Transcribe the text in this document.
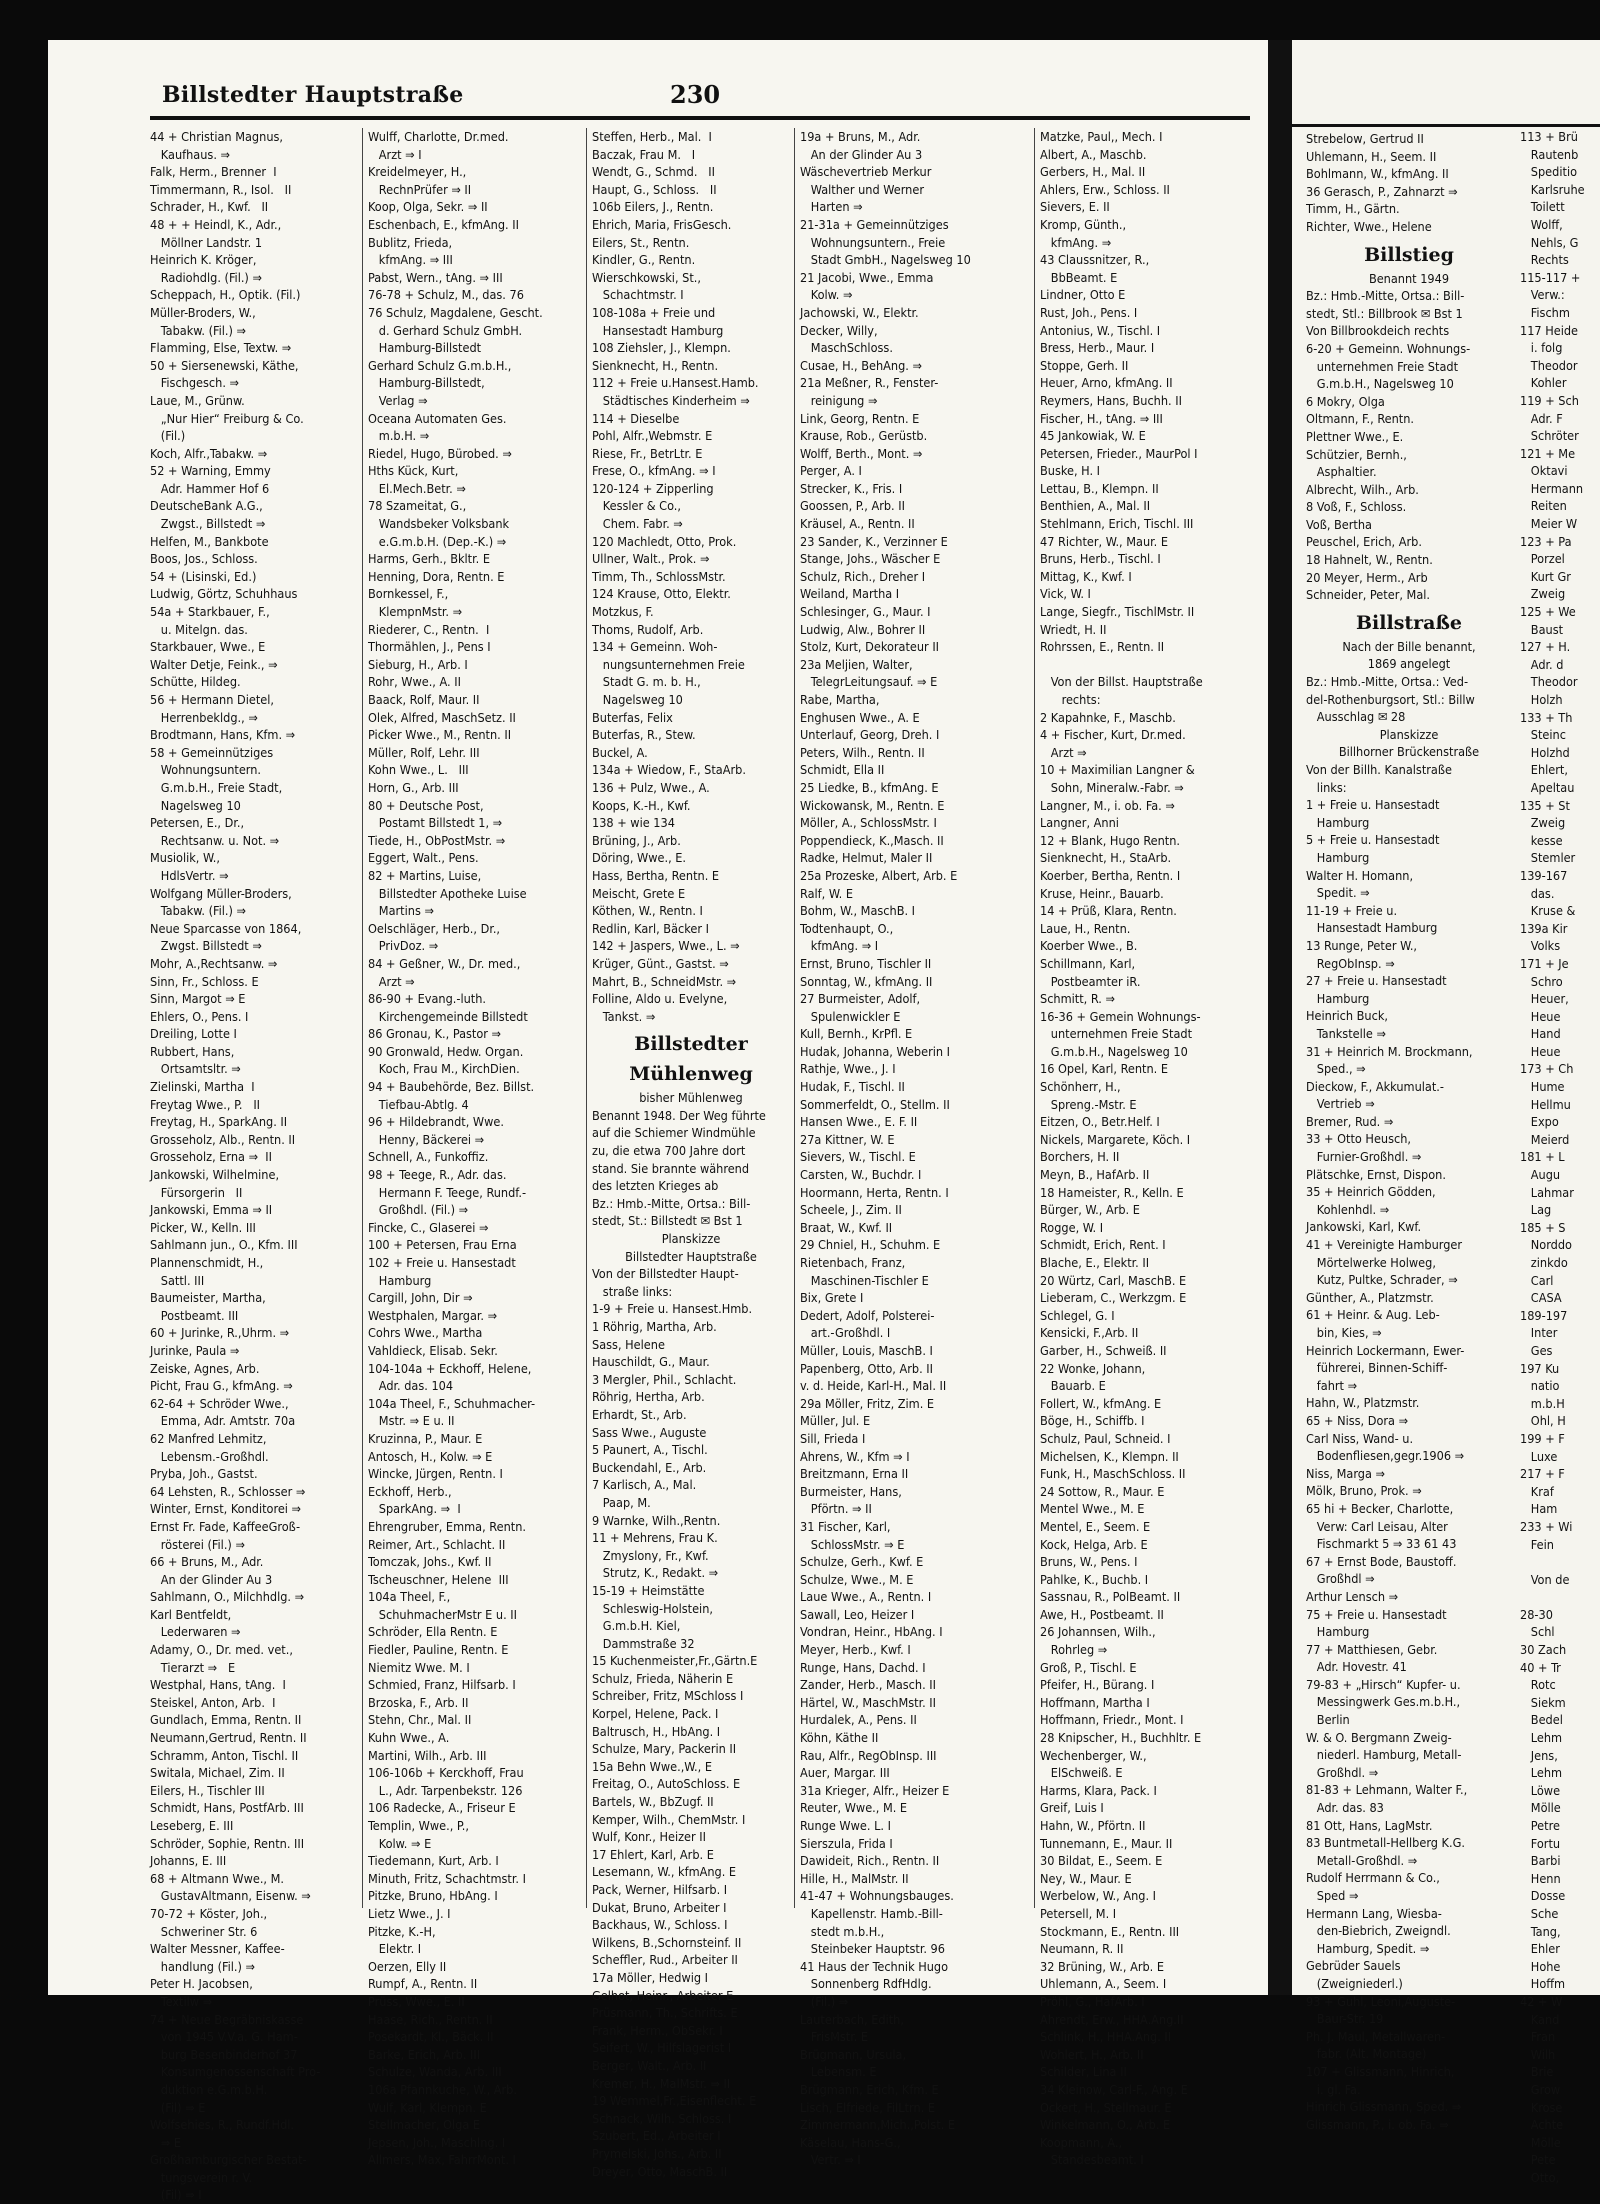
Billstedter Hauptstraße	230
44 + Christian Magnus,
Kaufhaus. ⇒
Falk, Herm., Brenner  I
Timmermann, R., Isol.   II
Schrader, H., Kwf.   II
48 + + Heindl, K., Adr.,
Möllner Landstr. 1
Heinrich K. Kröger,
Radiohdlg. (Fil.) ⇒
Scheppach, H., Optik. (Fil.)
Müller-Broders, W.,
Tabakw. (Fil.) ⇒
Flamming, Else, Textw. ⇒
50 + Siersenewski, Käthe,
Fischgesch. ⇒
Laue, M., Grünw.
„Nur Hier“ Freiburg & Co.
(Fil.)
Koch, Alfr.,Tabakw. ⇒
52 + Warning, Emmy
Adr. Hammer Hof 6
DeutscheBank A.G.,
Zwgst., Billstedt ⇒
Helfen, M., Bankbote
Boos, Jos., Schloss.
54 + (Lisinski, Ed.)
Ludwig, Görtz, Schuhhaus
54a + Starkbauer, F.,
u. Mitelgn. das.
Starkbauer, Wwe., E
Walter Detje, Feink., ⇒
Schütte, Hildeg.
56 + Hermann Dietel,
Herrenbekldg., ⇒
Brodtmann, Hans, Kfm. ⇒
58 + Gemeinnütziges
Wohnungsuntern.
G.m.b.H., Freie Stadt,
Nagelsweg 10
Petersen, E., Dr.,
Rechtsanw. u. Not. ⇒
Musiolik, W.,
HdlsVertr. ⇒
Wolfgang Müller-Broders,
Tabakw. (Fil.) ⇒
Neue Sparcasse von 1864,
Zwgst. Billstedt ⇒
Mohr, A.,Rechtsanw. ⇒
Sinn, Fr., Schloss. E
Sinn, Margot ⇒ E
Ehlers, O., Pens. I
Dreiling, Lotte I
Rubbert, Hans,
Ortsamtsltr. ⇒
Zielinski, Martha  I
Freytag Wwe., P.   II
Freytag, H., SparkAng. II
Grosseholz, Alb., Rentn. II
Grosseholz, Erna ⇒  II
Jankowski, Wilhelmine,
Fürsorgerin   II
Jankowski, Emma ⇒ II
Picker, W., Kelln. III
Sahlmann jun., O., Kfm. III
Plannenschmidt, H.,
Sattl. III
Baumeister, Martha,
Postbeamt. III
60 + Jurinke, R.,Uhrm. ⇒
Jurinke, Paula ⇒
Zeiske, Agnes, Arb.
Picht, Frau G., kfmAng. ⇒
62-64 + Schröder Wwe.,
Emma, Adr. Amtstr. 70a
62 Manfred Lehmitz,
Lebensm.-Großhdl.
Pryba, Joh., Gastst.
64 Lehsten, R., Schlosser ⇒
Winter, Ernst, Konditorei ⇒
Ernst Fr. Fade, KaffeeGroß-
rösterei (Fil.) ⇒
66 + Bruns, M., Adr.
An der Glinder Au 3
Sahlmann, O., Milchhdlg. ⇒
Karl Bentfeldt,
Lederwaren ⇒
Adamy, O., Dr. med. vet.,
Tierarzt ⇒   E
Westphal, Hans, tAng.  I
Steiskel, Anton, Arb.  I
Gundlach, Emma, Rentn. II
Neumann,Gertrud, Rentn. II
Schramm, Anton, Tischl. II
Switala, Michael, Zim. II
Eilers, H., Tischler III
Schmidt, Hans, PostfArb. III
Leseberg, E. III
Schröder, Sophie, Rentn. III
Johanns, E. III
68 + Altmann Wwe., M.
GustavAltmann, Eisenw. ⇒
70-72 + Köster, Joh.,
Schweriner Str. 6
Walter Messner, Kaffee-
handlung (Fil.) ⇒
Peter H. Jacobsen,
Textilw ⇒
74 + Neue Begräbniskasse
von 1945 V.V.a. G. Ham-
burg Besenbinderhof 37
Konsumgenossenschaft Pro-
duktion e.G.m.b.H.
(Fil) ⇒ E
Wolfsehies, R., Rundf.Hdl.
⇒ E
Großhamburgischer Bestat-
tungsverein r. V.
(Fil) ⇒ I
Wulff, Charlotte, Dr.med.
Arzt ⇒ I
Kreidelmeyer, H.,
RechnPrüfer ⇒ II
Koop, Olga, Sekr. ⇒ II
Eschenbach, E., kfmAng. II
Bublitz, Frieda,
kfmAng. ⇒ III
Pabst, Wern., tAng. ⇒ III
76-78 + Schulz, M., das. 76
76 Schulz, Magdalene, Gescht.
d. Gerhard Schulz GmbH.
Hamburg-Billstedt
Gerhard Schulz G.m.b.H.,
Hamburg-Billstedt,
Verlag ⇒
Oceana Automaten Ges.
m.b.H. ⇒
Riedel, Hugo, Bürobed. ⇒
Hths Kück, Kurt,
El.Mech.Betr. ⇒
78 Szameitat, G.,
Wandsbeker Volksbank
e.G.m.b.H. (Dep.-K.) ⇒
Harms, Gerh., Bkltr. E
Henning, Dora, Rentn. E
Bornkessel, F.,
KlempnMstr. ⇒
Riederer, C., Rentn.  I
Thormählen, J., Pens I
Sieburg, H., Arb. I
Rohr, Wwe., A. II
Baack, Rolf, Maur. II
Olek, Alfred, MaschSetz. II
Picker Wwe., M., Rentn. II
Müller, Rolf, Lehr. III
Kohn Wwe., L.   III
Horn, G., Arb. III
80 + Deutsche Post,
Postamt Billstedt 1, ⇒
Tiede, H., ObPostMstr. ⇒
Eggert, Walt., Pens.
82 + Martins, Luise,
Billstedter Apotheke Luise
Martins ⇒
Oelschläger, Herb., Dr.,
PrivDoz. ⇒
84 + Geßner, W., Dr. med.,
Arzt ⇒
86-90 + Evang.-luth.
Kirchengemeinde Billstedt
86 Gronau, K., Pastor ⇒
90 Gronwald, Hedw. Organ.
Koch, Frau M., KirchDien.
94 + Baubehörde, Bez. Billst.
Tiefbau-Abtlg. 4
96 + Hildebrandt, Wwe.
Henny, Bäckerei ⇒
Schnell, A., Funkoffiz.
98 + Teege, R., Adr. das.
Hermann F. Teege, Rundf.-
Großhdl. (Fil.) ⇒
Fincke, C., Glaserei ⇒
100 + Petersen, Frau Erna
102 + Freie u. Hansestadt
Hamburg
Cargill, John, Dir ⇒
Westphalen, Margar. ⇒
Cohrs Wwe., Martha
Vahldieck, Elisab. Sekr.
104-104a + Eckhoff, Helene,
Adr. das. 104
104a Theel, F., Schuhmacher-
Mstr. ⇒ E u. II
Kruzinna, P., Maur. E
Antosch, H., Kolw. ⇒ E
Wincke, Jürgen, Rentn. I
Eckhoff, Herb.,
SparkAng. ⇒  I
Ehrengruber, Emma, Rentn.
Reimer, Art., Schlacht. II
Tomczak, Johs., Kwf. II
Tscheuschner, Helene  III
104a Theel, F.,
SchuhmacherMstr E u. II
Schröder, Ella Rentn. E
Fiedler, Pauline, Rentn. E
Niemitz Wwe. M. I
Schmied, Franz, Hilfsarb. I
Brzoska, F., Arb. II
Stehn, Chr., Mal. II
Kuhn Wwe., A.
Martini, Wilh., Arb. III
106-106b + Kerckhoff, Frau
L., Adr. Tarpenbekstr. 126
106 Radecke, A., Friseur E
Templin, Wwe., P.,
Kolw. ⇒ E
Tiedemann, Kurt, Arb. I
Minuth, Fritz, Schachtmstr. I
Pitzke, Bruno, HbAng. I
Lietz Wwe., J. I
Pitzke, K.-H,
Elektr. I
Oerzen, Elly II
Rumpf, A., Rentn. II
Prüss, Wwe., E. II
Haase, Rich., Rentn. II
Posekardt, Kl., Bäck. II
Barke, Erich, Arb. III
Schulze, Wanda, Arb. III
106a Pfannkuche, W., Arb.
Wulf, Karl, Klempn. E
Stellmacher, Olga E
Jepsen, Joh., Maschlng. I
Allmers, Max, FahrrMont. I
Steffen, Herb., Mal.  I
Baczak, Frau M.   I
Wendt, G., Schmd.   II
Haupt, G., Schloss.   II
106b Eilers, J., Rentn.
Ehrich, Maria, FrisGesch.
Eilers, St., Rentn.
Kindler, G., Rentn.
Wierschkowski, St.,
Schachtmstr. I
108-108a + Freie und
Hansestadt Hamburg
108 Ziehsler, J., Klempn.
Sienknecht, H., Rentn.
112 + Freie u.Hansest.Hamb.
Städtisches Kinderheim ⇒
114 + Dieselbe
Pohl, Alfr.,Webmstr. E
Riese, Fr., BetrLtr. E
Frese, O., kfmAng. ⇒ I
120-124 + Zipperling
Kessler & Co.,
Chem. Fabr. ⇒
120 Machledt, Otto, Prok.
Ullner, Walt., Prok. ⇒
Timm, Th., SchlossMstr.
124 Krause, Otto, Elektr.
Motzkus, F.
Thoms, Rudolf, Arb.
134 + Gemeinn. Woh-
nungsunternehmen Freie
Stadt G. m. b. H.,
Nagelsweg 10
Buterfas, Felix
Buterfas, R., Stew.
Buckel, A.
134a + Wiedow, F., StaArb.
136 + Pulz, Wwe., A.
Koops, K.-H., Kwf.
138 + wie 134
Brüning, J., Arb.
Döring, Wwe., E.
Hass, Bertha, Rentn. E
Meischt, Grete E
Köthen, W., Rentn. I
Redlin, Karl, Bäcker I
142 + Jaspers, Wwe., L. ⇒
Krüger, Günt., Gastst. ⇒
Mahrt, B., SchneidMstr. ⇒
Folline, Aldo u. Evelyne,
Tankst. ⇒
Billstedter Mühlenweg
bisher Mühlenweg
Benannt 1948. Der Weg führte
auf die Schiemer Windmühle
zu, die etwa 700 Jahre dort
stand. Sie brannte während
des letzten Krieges ab
Bz.: Hmb.-Mitte, Ortsa.: Bill-
stedt, St.: Billstedt ✉ Bst 1
Planskizze
Billstedter Hauptstraße
Von der Billstedter Haupt-
straße links:
1-9 + Freie u. Hansest.Hmb.
1 Röhrig, Martha, Arb.
Sass, Helene
Hauschildt, G., Maur.
3 Mergler, Phil., Schlacht.
Röhrig, Hertha, Arb.
Erhardt, St., Arb.
Sass Wwe., Auguste
5 Paunert, A., Tischl.
Buckendahl, E., Arb.
7 Karlisch, A., Mal.
Paap, M.
9 Warnke, Wilh.,Rentn.
11 + Mehrens, Frau K.
Zmyslony, Fr., Kwf.
Strutz, K., Redakt. ⇒
15-19 + Heimstätte
Schleswig-Holstein,
G.m.b.H. Kiel,
Dammstraße 32
15 Kuchenmeister,Fr.,Gärtn.E
Schulz, Frieda, Näherin E
Schreiber, Fritz, MSchloss I
Korpel, Helene, Pack. I
Baltrusch, H., HbAng. I
Schulze, Mary, Packerin II
15a Behn Wwe.,W., E
Freitag, O., AutoSchloss. E
Bartels, W., BbZugf. II
Kemper, Wilh., ChemMstr. I
Wulf, Konr., Heizer II
17 Ehlert, Karl, Arb. E
Lesemann, W., kfmAng. E
Pack, Werner, Hilfsarb. I
Dukat, Bruno, Arbeiter I
Backhaus, W., Schloss. I
Wilkens, B.,Schornsteinf. II
Scheffler, Rud., Arbeiter II
17a Möller, Hedwig I
Gelhot, Heinr., Arbeiter E
Prüsmann, Th., Schrifts. E
Frank, Herm., ObSekr. I
Seifert, W., Hilfslagerist I
Berger, Walt., Arb. II
Kremer, H., MalMstr. ⇒ II
19 Wemmel,Fr.,Eisenflecht. E
Schnack, Wilh. Schloss. I
Szubert, Ed., Arbeiter I
Prymelski, Johs., Arb. II
Dreyer, Otto, MaschB. II
19a + Bruns, M., Adr.
An der Glinder Au 3
Wäschevertrieb Merkur
Walther und Werner
Harten ⇒
21-31a + Gemeinnütziges
Wohnungsuntern., Freie
Stadt GmbH., Nagelsweg 10
21 Jacobi, Wwe., Emma
Kolw. ⇒
Jachowski, W., Elektr.
Decker, Willy,
MaschSchloss.
Cusae, H., BehAng. ⇒
21a Meßner, R., Fenster-
reinigung ⇒
Link, Georg, Rentn. E
Krause, Rob., Gerüstb.
Wolff, Berth., Mont. ⇒
Perger, A. I
Strecker, K., Fris. I
Goossen, P., Arb. II
Kräusel, A., Rentn. II
23 Sander, K., Verzinner E
Stange, Johs., Wäscher E
Schulz, Rich., Dreher I
Weiland, Martha I
Schlesinger, G., Maur. I
Ludwig, Alw., Bohrer II
Stolz, Kurt, Dekorateur II
23a Meljien, Walter,
TelegrLeitungsauf. ⇒ E
Rabe, Martha,
Enghusen Wwe., A. E
Unterlauf, Georg, Dreh. I
Peters, Wilh., Rentn. II
Schmidt, Ella II
25 Liedke, B., kfmAng. E
Wickowansk, M., Rentn. E
Möller, A., SchlossMstr. I
Poppendieck, K.,Masch. II
Radke, Helmut, Maler II
25a Prozeske, Albert, Arb. E
Ralf, W. E
Bohm, W., MaschB. I
Todtenhaupt, O.,
kfmAng. ⇒ I
Ernst, Bruno, Tischler II
Sonntag, W., kfmAng. II
27 Burmeister, Adolf,
Spulenwickler E
Kull, Bernh., KrPfl. E
Hudak, Johanna, Weberin I
Rathje, Wwe., J. I
Hudak, F., Tischl. II
Sommerfeldt, O., Stellm. II
Hansen Wwe., E. F. II
27a Kittner, W. E
Sievers, W., Tischl. E
Carsten, W., Buchdr. I
Hoormann, Herta, Rentn. I
Scheele, J., Zim. II
Braat, W., Kwf. II
29 Chniel, H., Schuhm. E
Rietenbach, Franz,
Maschinen-Tischler E
Bix, Grete I
Dedert, Adolf, Polsterei-
art.-Großhdl. I
Müller, Louis, MaschB. I
Papenberg, Otto, Arb. II
v. d. Heide, Karl-H., Mal. II
29a Möller, Fritz, Zim. E
Müller, Jul. E
Sill, Frieda I
Ahrens, W., Kfm ⇒ I
Breitzmann, Erna II
Burmeister, Hans,
Pförtn. ⇒ II
31 Fischer, Karl,
SchlossMstr. ⇒ E
Schulze, Gerh., Kwf. E
Schulze, Wwe., M. E
Laue Wwe., A., Rentn. I
Sawall, Leo, Heizer I
Vondran, Heinr., HbAng. I
Meyer, Herb., Kwf. I
Runge, Hans, Dachd. I
Zander, Herb., Masch. II
Härtel, W., MaschMstr. II
Hurdalek, A., Pens. II
Köhn, Käthe II
Rau, Alfr., RegObInsp. III
Auer, Margar. III
31a Krieger, Alfr., Heizer E
Reuter, Wwe., M. E
Runge Wwe. L. I
Sierszula, Frida I
Dawideit, Rich., Rentn. II
Hille, H., MalMstr. II
41-47 + Wohnungsbauges.
Kapellenstr. Hamb.-Bill-
stedt m.b.H.,
Steinbeker Hauptstr. 96
41 Haus der Technik Hugo
Sonnenberg RdfHdlg.
(Fil.) ⇒
Lauterbach, Edith,
FrisMstr. E
Brügmann, Ursula,
Lebensm. E
Brügmann, Erich, Kfm. E
Lisch, Elfriede, FilLtrn. E
Zimmermann,Mich.,Polst. E
Käselau, Hans-G.,
Vertr. ⇒ I
Matzke, Paul,, Mech. I
Albert, A., Maschb.
Gerbers, H., Mal. II
Ahlers, Erw., Schloss. II
Sievers, E. II
Kromp, Günth.,
kfmAng. ⇒
43 Claussnitzer, R.,
BbBeamt. E
Lindner, Otto E
Rust, Joh., Pens. I
Antonius, W., Tischl. I
Bress, Herb., Maur. I
Stoppe, Gerh. II
Heuer, Arno, kfmAng. II
Reymers, Hans, Buchh. II
Fischer, H., tAng. ⇒ III
45 Jankowiak, W. E
Petersen, Frieder., MaurPol I
Buske, H. I
Lettau, B., Klempn. II
Benthien, A., Mal. II
Stehlmann, Erich, Tischl. III
47 Richter, W., Maur. E
Bruns, Herb., Tischl. I
Mittag, K., Kwf. I
Vick, W. I
Lange, Siegfr., TischlMstr. II
Wriedt, H. II
Rohrssen, E., Rentn. II

Von der Billst. Hauptstraße
rechts:
2 Kapahnke, F., Maschb.
4 + Fischer, Kurt, Dr.med.
Arzt ⇒
10 + Maximilian Langner &
Sohn, Mineralw.-Fabr. ⇒
Langner, M., i. ob. Fa. ⇒
Langner, Anni
12 + Blank, Hugo Rentn.
Sienknecht, H., StaArb.
Koerber, Bertha, Rentn. I
Kruse, Heinr., Bauarb.
14 + Prüß, Klara, Rentn.
Laue, H., Rentn.
Koerber Wwe., B.
Schillmann, Karl,
Postbeamter iR.
Schmitt, R. ⇒
16-36 + Gemein Wohnungs-
unternehmen Freie Stadt
G.m.b.H., Nagelsweg 10
16 Opel, Karl, Rentn. E
Schönherr, H.,
Spreng.-Mstr. E
Eitzen, O., Betr.Helf. I
Nickels, Margarete, Köch. I
Borchers, H. II
Meyn, B., HafArb. II
18 Hameister, R., Kelln. E
Bürger, W., Arb. E
Rogge, W. I
Schmidt, Erich, Rent. I
Blache, E., Elektr. II
20 Würtz, Carl, MaschB. E
Lieberam, C., Werkzgm. E
Schlegel, G. I
Kensicki, F.,Arb. II
Garber, H., Schweiß. II
22 Wonke, Johann,
Bauarb. E
Follert, W., kfmAng. E
Böge, H., Schiffb. I
Schulz, Paul, Schneid. I
Michelsen, K., Klempn. II
Funk, H., MaschSchloss. II
24 Sottow, R., Maur. E
Mentel Wwe., M. E
Mentel, E., Seem. E
Kock, Helga, Arb. E
Bruns, W., Pens. I
Pahlke, K., Buchb. I
Sassnau, R., PolBeamt. II
Awe, H., Postbeamt. II
26 Johannsen, Wilh.,
Rohrleg ⇒
Groß, P., Tischl. E
Pfeifer, H., Bürang. I
Hoffmann, Martha I
Hoffmann, Friedr., Mont. I
28 Knipscher, H., Buchhltr. E
Wechenberger, W.,
ElSchweiß. E
Harms, Klara, Pack. I
Greif, Luis I
Hahn, W., Pförtn. II
Tunnemann, E., Maur. II
30 Bildat, E., Seem. E
Ney, W., Maur. E
Werbelow, W., Ang. I
Petersell, M. I
Stockmann, E., Rentn. III
Neumann, R. II
32 Brüning, W., Arb. E
Uhlemann, A., Seem. I
Pröhl, G., HafArb. I
Ahrendt, Erw., HHA.Ang.II
Schlink, H., HHA.Ang. II
Wohlert, H., Arb. II
Schilder, Lina II
34 Kleinow, Carl-F., Ang. E
Ockert, H., Stellmaur. E
Winkelmann, O., Arb. E
Koopmann, A.,
Standesbeamt. I
Strebelow, Gertrud II
Uhlemann, H., Seem. II
Bohlmann, W., kfmAng. II
36 Gerasch, P., Zahnarzt ⇒
Timm, H., Gärtn.
Richter, Wwe., Helene
Billstieg
Benannt 1949
Bz.: Hmb.-Mitte, Ortsa.: Bill-
stedt, Stl.: Billbrook ✉ Bst 1
Von Billbrookdeich rechts
6-20 + Gemeinn. Wohnungs-
unternehmen Freie Stadt
G.m.b.H., Nagelsweg 10
6 Mokry, Olga
Oltmann, F., Rentn.
Plettner Wwe., E.
Schützier, Bernh.,
Asphaltier.
Albrecht, Wilh., Arb.
8 Voß, F., Schloss.
Voß, Bertha
Peuschel, Erich, Arb.
18 Hahnelt, W., Rentn.
20 Meyer, Herm., Arb
Schneider, Peter, Mal.
Billstraße
Nach der Bille benannt,
1869 angelegt
Bz.: Hmb.-Mitte, Ortsa.: Ved-
del-Rothenburgsort, Stl.: Billw
Ausschlag ✉ 28
Planskizze
Billhorner Brückenstraße
Von der Billh. Kanalstraße
links:
1 + Freie u. Hansestadt
Hamburg
5 + Freie u. Hansestadt
Hamburg
Walter H. Homann,
Spedit. ⇒
11-19 + Freie u.
Hansestadt Hamburg
13 Runge, Peter W.,
RegObInsp. ⇒
27 + Freie u. Hansestadt
Hamburg
Heinrich Buck,
Tankstelle ⇒
31 + Heinrich M. Brockmann,
Sped., ⇒
Dieckow, F., Akkumulat.-
Vertrieb ⇒
Bremer, Rud. ⇒
33 + Otto Heusch,
Furnier-Großhdl. ⇒
Plätschke, Ernst, Dispon.
35 + Heinrich Gödden,
Kohlenhdl. ⇒
Jankowski, Karl, Kwf.
41 + Vereinigte Hamburger
Mörtelwerke Holweg,
Kutz, Pultke, Schrader, ⇒
Günther, A., Platzmstr.
61 + Heinr. & Aug. Leb-
bin, Kies, ⇒
Heinrich Lockermann, Ewer-
führerei, Binnen-Schiff-
fahrt ⇒
Hahn, W., Platzmstr.
65 + Niss, Dora ⇒
Carl Niss, Wand- u.
Bodenfliesen,gegr.1906 ⇒
Niss, Marga ⇒
Mölk, Bruno, Prok. ⇒
65 hi + Becker, Charlotte,
Verw: Carl Leisau, Alter
Fischmarkt 5 ⇒ 33 61 43
67 + Ernst Bode, Baustoff.
Großhdl ⇒
Arthur Lensch ⇒
75 + Freie u. Hansestadt
Hamburg
77 + Matthiesen, Gebr.
Adr. Hovestr. 41
79-83 + „Hirsch“ Kupfer- u.
Messingwerk Ges.m.b.H.,
Berlin
W. & O. Bergmann Zweig-
niederl. Hamburg, Metall-
Großhdl. ⇒
81-83 + Lehmann, Walter F.,
Adr. das. 83
81 Ott, Hans, LagMstr.
83 Buntmetall-Hellberg K.G.
Metall-Großhdl. ⇒
Rudolf Herrmann & Co.,
Sped ⇒
Hermann Lang, Wiesba-
den-Biebrich, Zweigndl.
Hamburg, Spedit. ⇒
Gebrüder Sauels
(Zweigniederl.)
93 + Guhl, Leoni,Auguste-
Baur-Str. 19
Ph. J. Maul, Metallwaren-
fabr. (Alt. Montage)
107 + Glissmann, Hinrich,
i. gl. Fa.
Hinrich Glissmann, Sped. ⇒
Glissmann, P., i. ob. Fa. ⇒
113 + Brü
Rautenb
Speditio
Karlsruhe
Toilett
Wolff,
Nehls, G
Rechts
115-117 +
Verw.:
Fischm
117 Heide
i. folg
Theodor
Kohler
119 + Sch
Adr. F
Schröter
121 + Me
Oktavi
Hermann
Reiten
Meier W
123 + Pa
Porzel
Kurt Gr
Zweig
125 + We
Baust
127 + H.
Adr. d
Theodor
Holzh
133 + Th
Steinc
Holzhd
Ehlert,
Apeltau
135 + St
Zweig
kesse
Stemler
139-167
das.
Kruse &
139a Kir
Volks
171 + Je
Schro
Heuer,
Heue
Hand
Heue
173 + Ch
Hume
Hellmu
Expo
Meierd
181 + L
Augu
Lahmar
Lag
185 + S
Norddo
zinkdo
Carl
CASA
189-197
Inter
Ges
197 Ku
natio
m.b.H
Ohl, H
199 + F
Luxe
217 + F
Kraf
Ham
233 + Wi
Fein

Von de

28-30
Schl
30 Zach
40 + Tr
Rotc
Siekm
Bedel
Lehm
Jens,
Lehm
Löwe
Mölle
Petre
Fortu
Barbi
Henn
Dosse
Sche
Tang,
Ehler
Hohe
Hoffm
42 + W
Kand
Fran
Wilh
Brie
Grow
Krose
Achte
Mölle
Pete
Otto,
